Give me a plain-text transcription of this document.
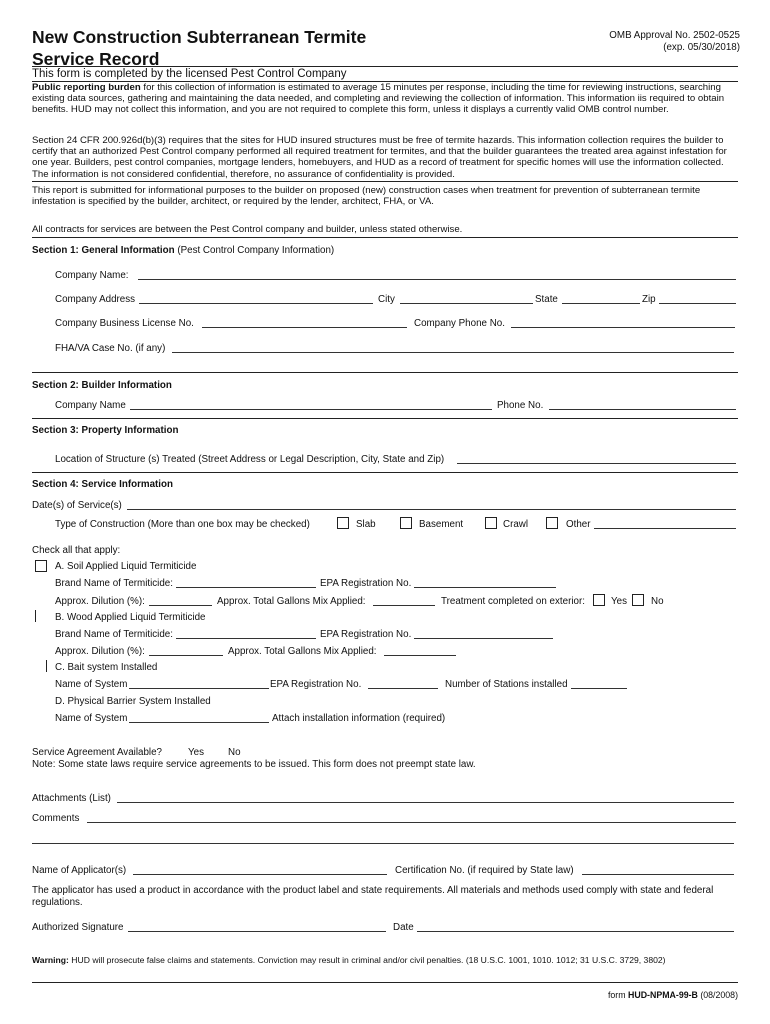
New Construction Subterranean Termite
Service Record
OMB Approval No. 2502-0525
(exp. 05/30/2018)
This form is completed by the licensed Pest Control Company
Public reporting burden for this collection of information is estimated to average 15 minutes per response, including the time for reviewing instructions, searching existing data sources, gathering and maintaining the data needed, and completing and reviewing the collection of information. This information iis required to obtain benefits. HUD may not collect this information, and you are not required to complete this form, unless it displays a currently valid OMB control number.
Section 24 CFR 200.926d(b)(3) requires that the sites for HUD insured structures must be free of termite hazards. This information collection requires the builder to certify that an authorized Pest Control company performed all required treatment for termites, and that the builder guarantees the treated area against infestation for one year. Builders, pest control companies, mortgage lenders, homebuyers, and HUD as a record of treatment for specific homes will use the information collected. The information is not considered confidential, therefore, no assurance of confidentiality is provided.
This report is submitted for informational purposes to the builder on proposed (new) construction cases when treatment for prevention of subterranean termite infestation is specified by the builder, architect, or required by the lender, architect, FHA, or VA.
All contracts for services are between the Pest Control company and builder, unless stated otherwise.
Section 1: General Information (Pest Control Company Information)
Company Name:
Company Address	City	State	Zip
Company Business License No.	Company Phone No.
FHA/VA Case No. (if any)
Section 2: Builder Information
Company Name	Phone No.
Section 3: Property Information
Location of Structure (s) Treated (Street Address or Legal Description, City, State and Zip)
Section 4: Service Information
Date(s) of Service(s)
Type of Construction (More than one box may be checked)	Slab	Basement	Crawl	Other
Check all that apply:
A. Soil Applied Liquid Termiticide
Brand Name of Termiticide:	EPA Registration No.
Approx. Dilution (%):	Approx. Total Gallons Mix Applied:	Treatment completed on exterior:	Yes No
B. Wood Applied Liquid Termiticide
Brand Name of Termiticide:	EPA Registration No.
Approx. Dilution (%):	Approx. Total Gallons Mix Applied:
C. Bait system Installed
Name of System	EPA Registration No.	Number of Stations installed
D. Physical Barrier System Installed
Name of System	Attach installation information (required)
Service Agreement Available?	Yes No
Note: Some state laws require service agreements to be issued. This form does not preempt state law.
Attachments (List)
Comments
Name of Applicator(s)	Certification No. (if required by State law)
The applicator has used a product in accordance with the product label and state requirements. All materials and methods used comply with state and federal regulations.
Authorized Signature	Date
Warning: HUD will prosecute false claims and statements. Conviction may result in criminal and/or civil penalties. (18 U.S.C. 1001, 1010. 1012; 31 U.S.C. 3729, 3802)
form HUD-NPMA-99-B (08/2008)
